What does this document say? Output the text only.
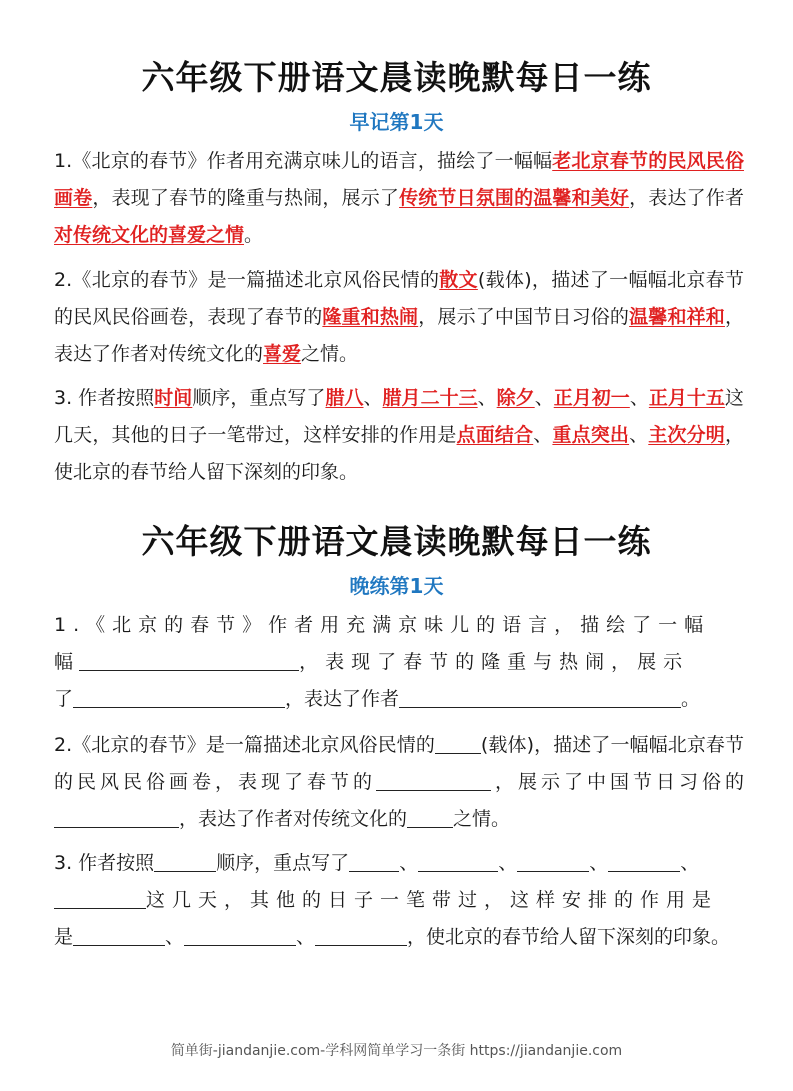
六年级下册语文晨读晚默每日一练
早记第1天
1.《北京的春节》作者用充满京味儿的语言，描绘了一幅幅老北京春节的民风民俗画卷，表现了春节的隆重与热闹，展示了传统节日氛围的温馨和美好，表达了作者对传统文化的喜爱之情。
2.《北京的春节》是一篇描述北京风俗民情的散文(载体)，描述了一幅幅北京春节的民风民俗画卷，表现了春节的隆重和热闹，展示了中国节日习俗的温馨和祥和，表达了作者对传统文化的喜爱之情。
3. 作者按照时间顺序，重点写了腊八、腊月二十三、除夕、正月初一、正月十五这几天，其他的日子一笔带过，这样安排的作用是点面结合、重点突出、主次分明，使北京的春节给人留下深刻的印象。
六年级下册语文晨读晚默每日一练
晚练第1天
1.《北京的春节》作者用充满京味儿的语言，描绘了一幅
幅	，表现了春节的隆重与热闹，展示
了	，表达了作者	。
2.《北京的春节》是一篇描述北京风俗民情的 (载体)，描述了一幅幅北京春节的民风民俗画卷，表现了春节的	，展示了中国节日习俗的，表达了作者对传统文化的 之情。
3. 作者按照	顺序，重点写了	、	、	、	、
这几天，其他的日子一笔带过，这样安排的作用是
是	、	、	，使北京的春节给人留下深刻的印象。
简单街-jiandanjie.com-学科网简单学习一条街 https://jiandanjie.com
